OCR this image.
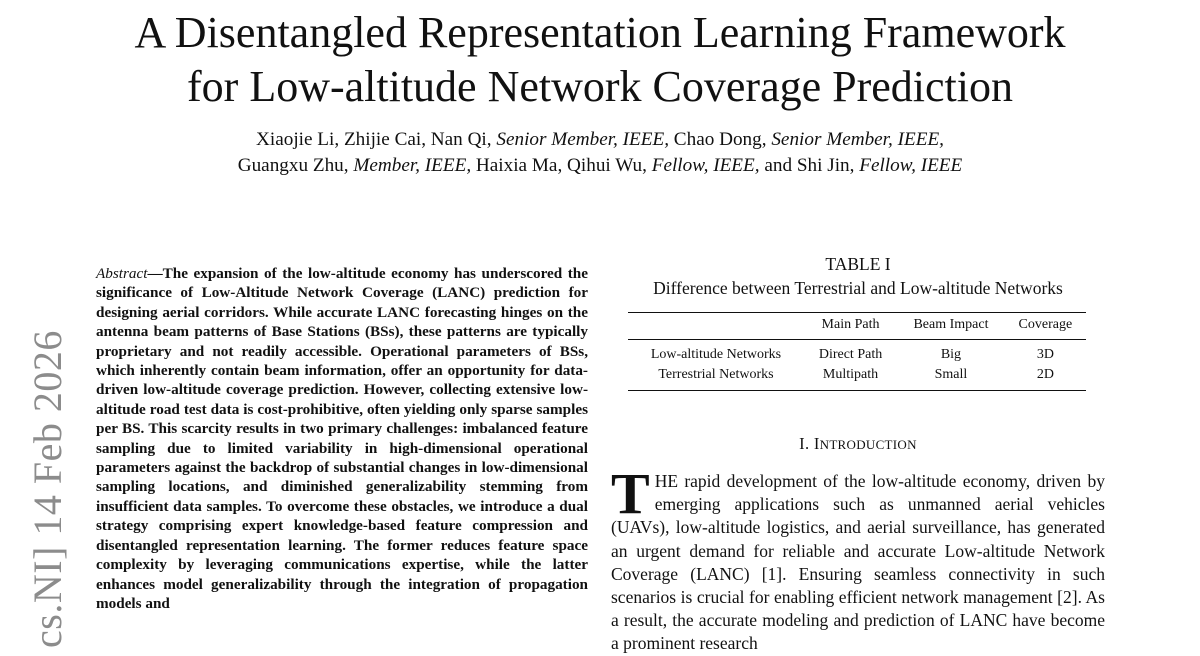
A Disentangled Representation Learning Framework
for Low-altitude Network Coverage Prediction
Xiaojie Li, Zhijie Cai, Nan Qi, Senior Member, IEEE, Chao Dong, Senior Member, IEEE,
Guangxu Zhu, Member, IEEE, Haixia Ma, Qihui Wu, Fellow, IEEE, and Shi Jin, Fellow, IEEE
cs.NI] 14 Feb 2026
Abstract—The expansion of the low-altitude economy has underscored the significance of Low-Altitude Network Coverage (LANC) prediction for designing aerial corridors. While accurate LANC forecasting hinges on the antenna beam patterns of Base Stations (BSs), these patterns are typically proprietary and not readily accessible. Operational parameters of BSs, which inherently contain beam information, offer an opportunity for data-driven low-altitude coverage prediction. However, collecting extensive low-altitude road test data is cost-prohibitive, often yielding only sparse samples per BS. This scarcity results in two primary challenges: imbalanced feature sampling due to limited variability in high-dimensional operational parameters against the backdrop of substantial changes in low-dimensional sampling locations, and diminished generalizability stemming from insufficient data samples. To overcome these obstacles, we introduce a dual strategy comprising expert knowledge-based feature compression and disentangled representation learning. The former reduces feature space complexity by leveraging communications expertise, while the latter enhances model generalizability through the integration of propagation models and
TABLE I
Difference between Terrestrial and Low-altitude Networks
	Main Path	Beam Impact	Coverage
Low-altitude Networks	Direct Path	Big	3D
Terrestrial Networks	Multipath	Small	2D
I. INTRODUCTION
THE rapid development of the low-altitude economy, driven by emerging applications such as unmanned aerial vehicles (UAVs), low-altitude logistics, and aerial surveillance, has generated an urgent demand for reliable and accurate Low-altitude Network Coverage (LANC) [1]. Ensuring seamless connectivity in such scenarios is crucial for enabling efficient network management [2]. As a result, the accurate modeling and prediction of LANC have become a prominent research
